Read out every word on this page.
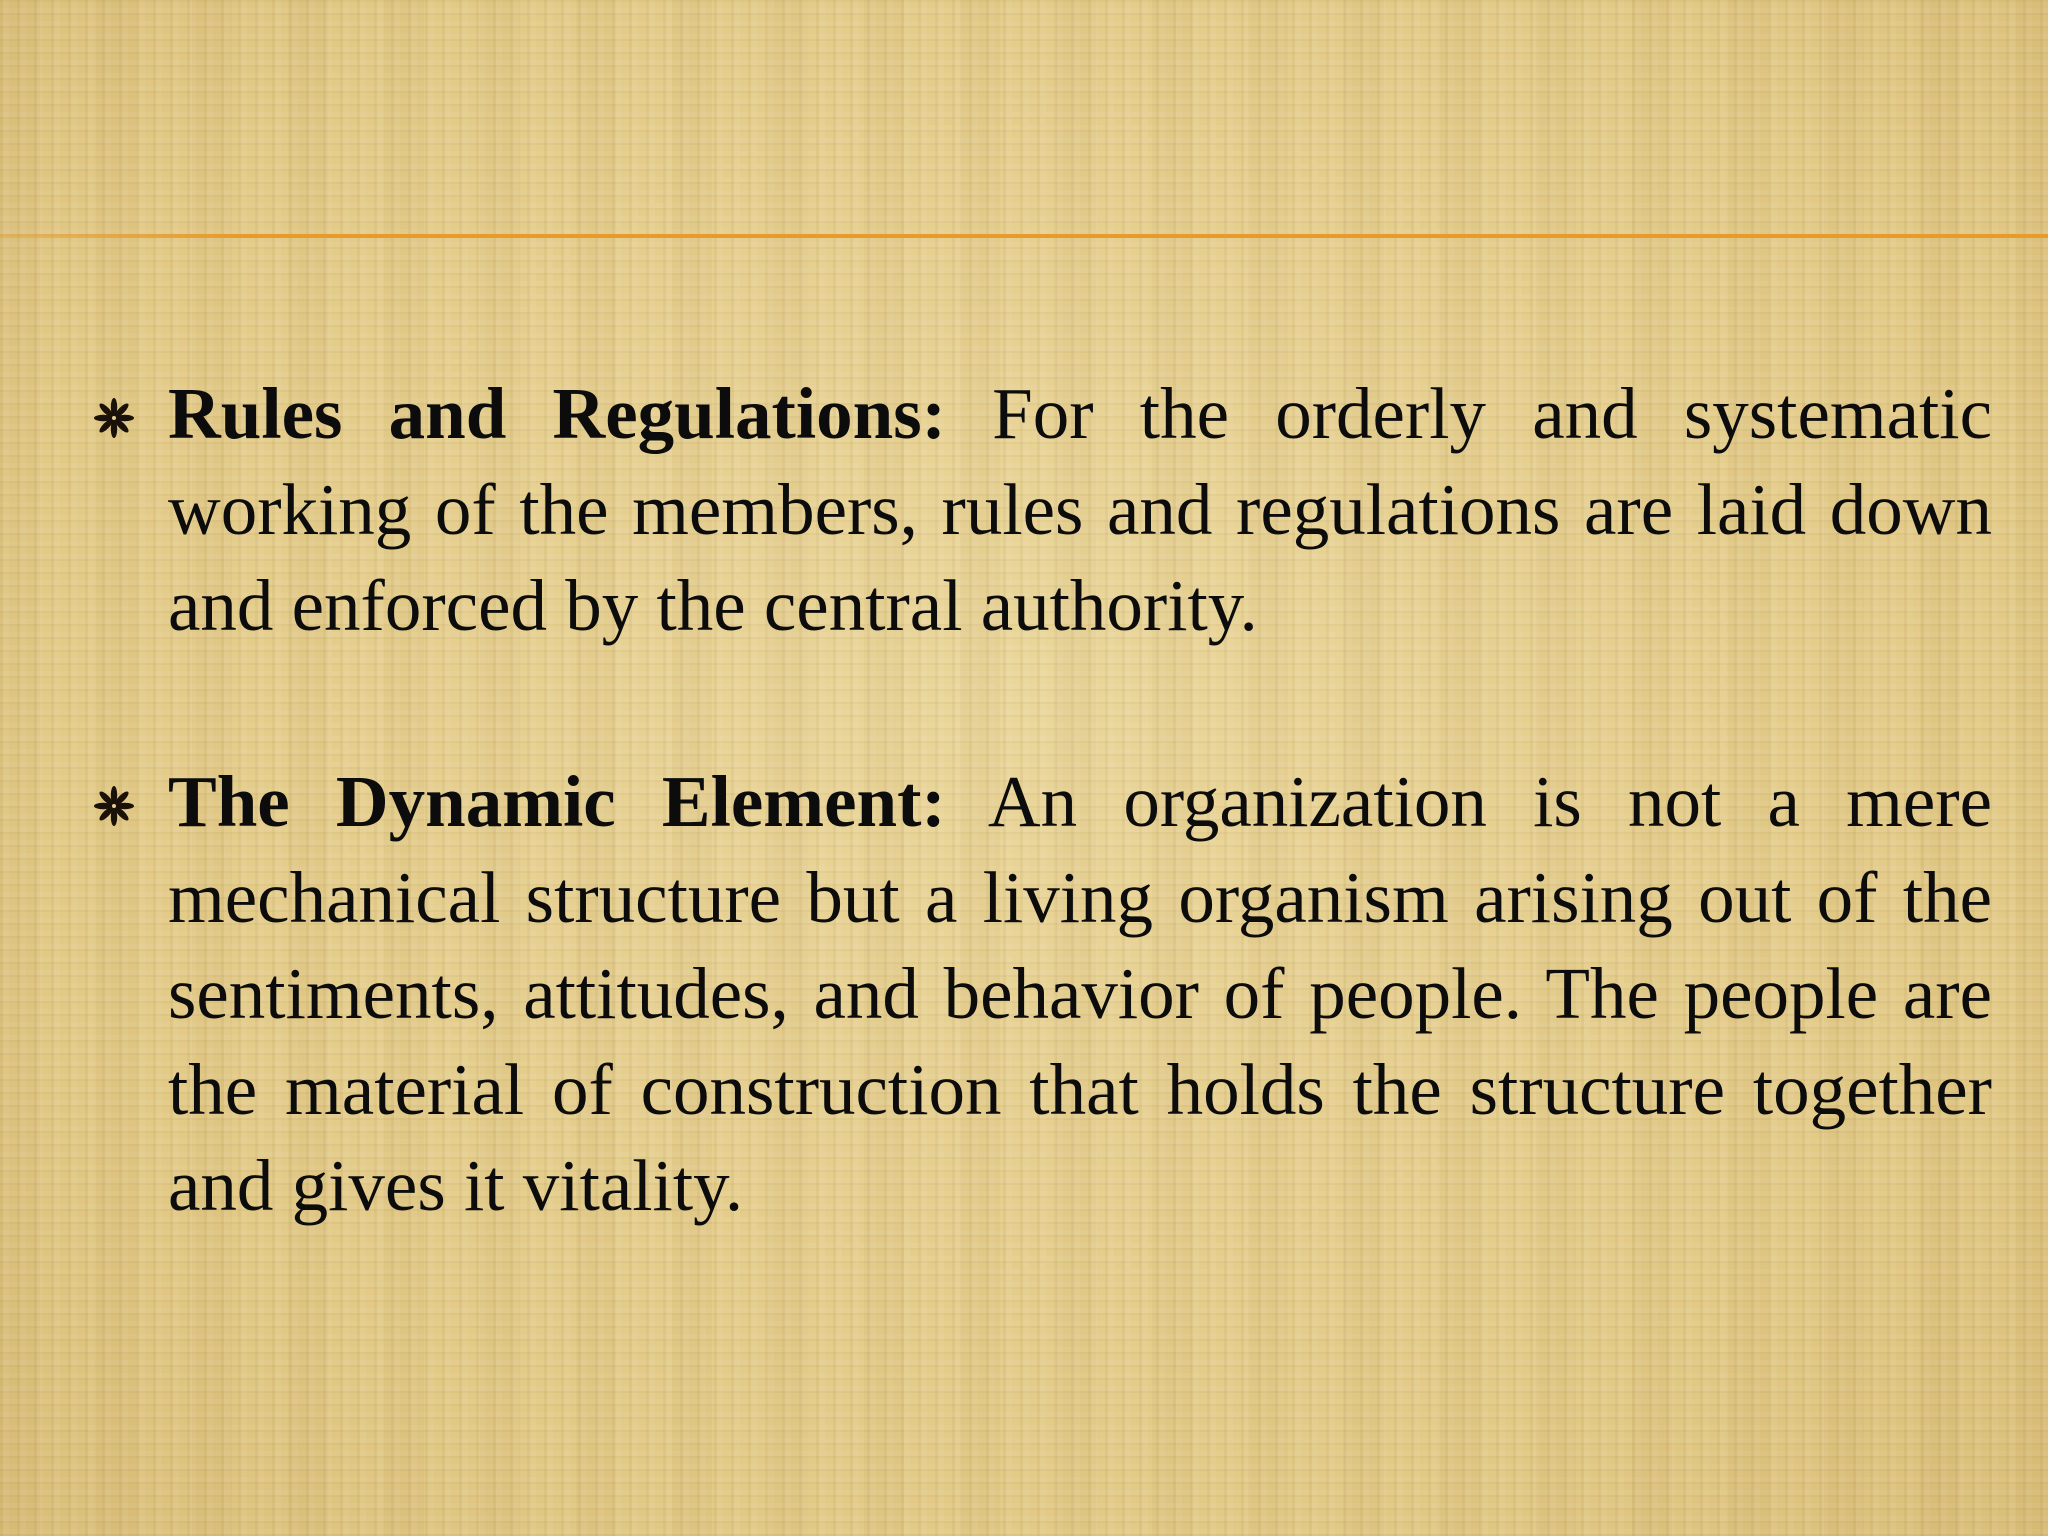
Rules and Regulations: For the orderly and systematic working of the members, rules and regulations are laid down and enforced by the central authority.

The Dynamic Element: An organization is not a mere mechanical structure but a living organism arising out of the sentiments, attitudes, and behavior of people. The people are the material of construction that holds the structure together and gives it vitality.
